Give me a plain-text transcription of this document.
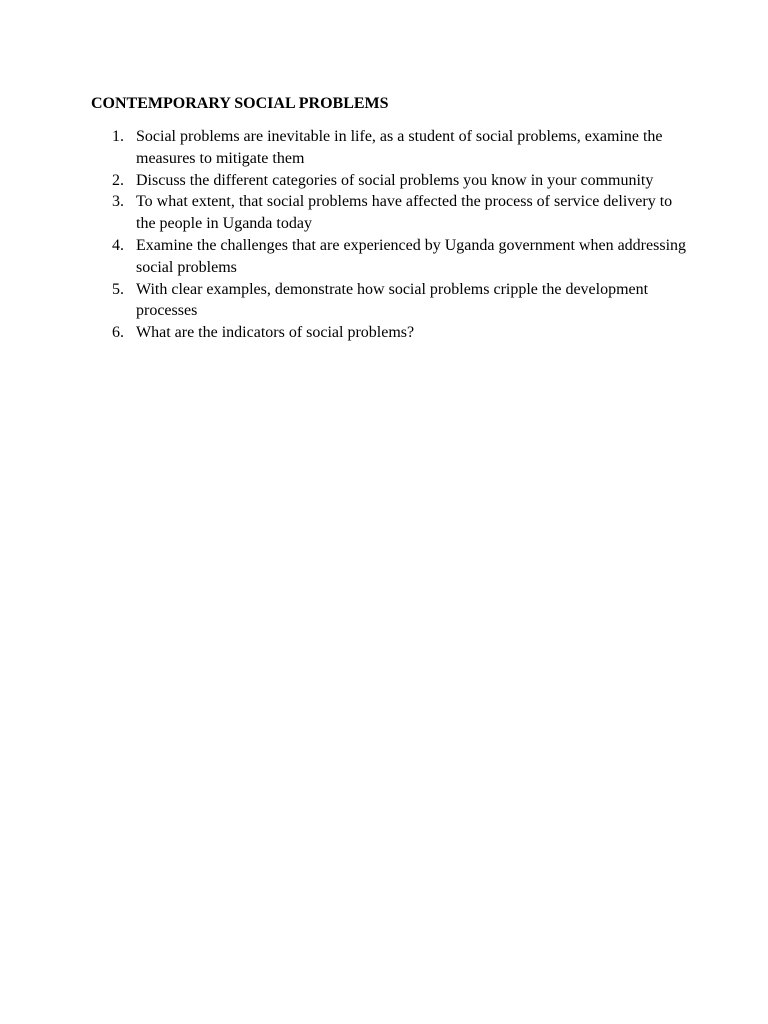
CONTEMPORARY SOCIAL PROBLEMS
1. Social problems are inevitable in life, as a student of social problems, examine the measures to mitigate them
2. Discuss the different categories of social problems you know in your community
3. To what extent, that social problems have affected the process of service delivery to the people in Uganda today
4. Examine the challenges that are experienced by Uganda government when addressing social problems
5. With clear examples, demonstrate how social problems cripple the development processes
6. What are the indicators of social problems?
